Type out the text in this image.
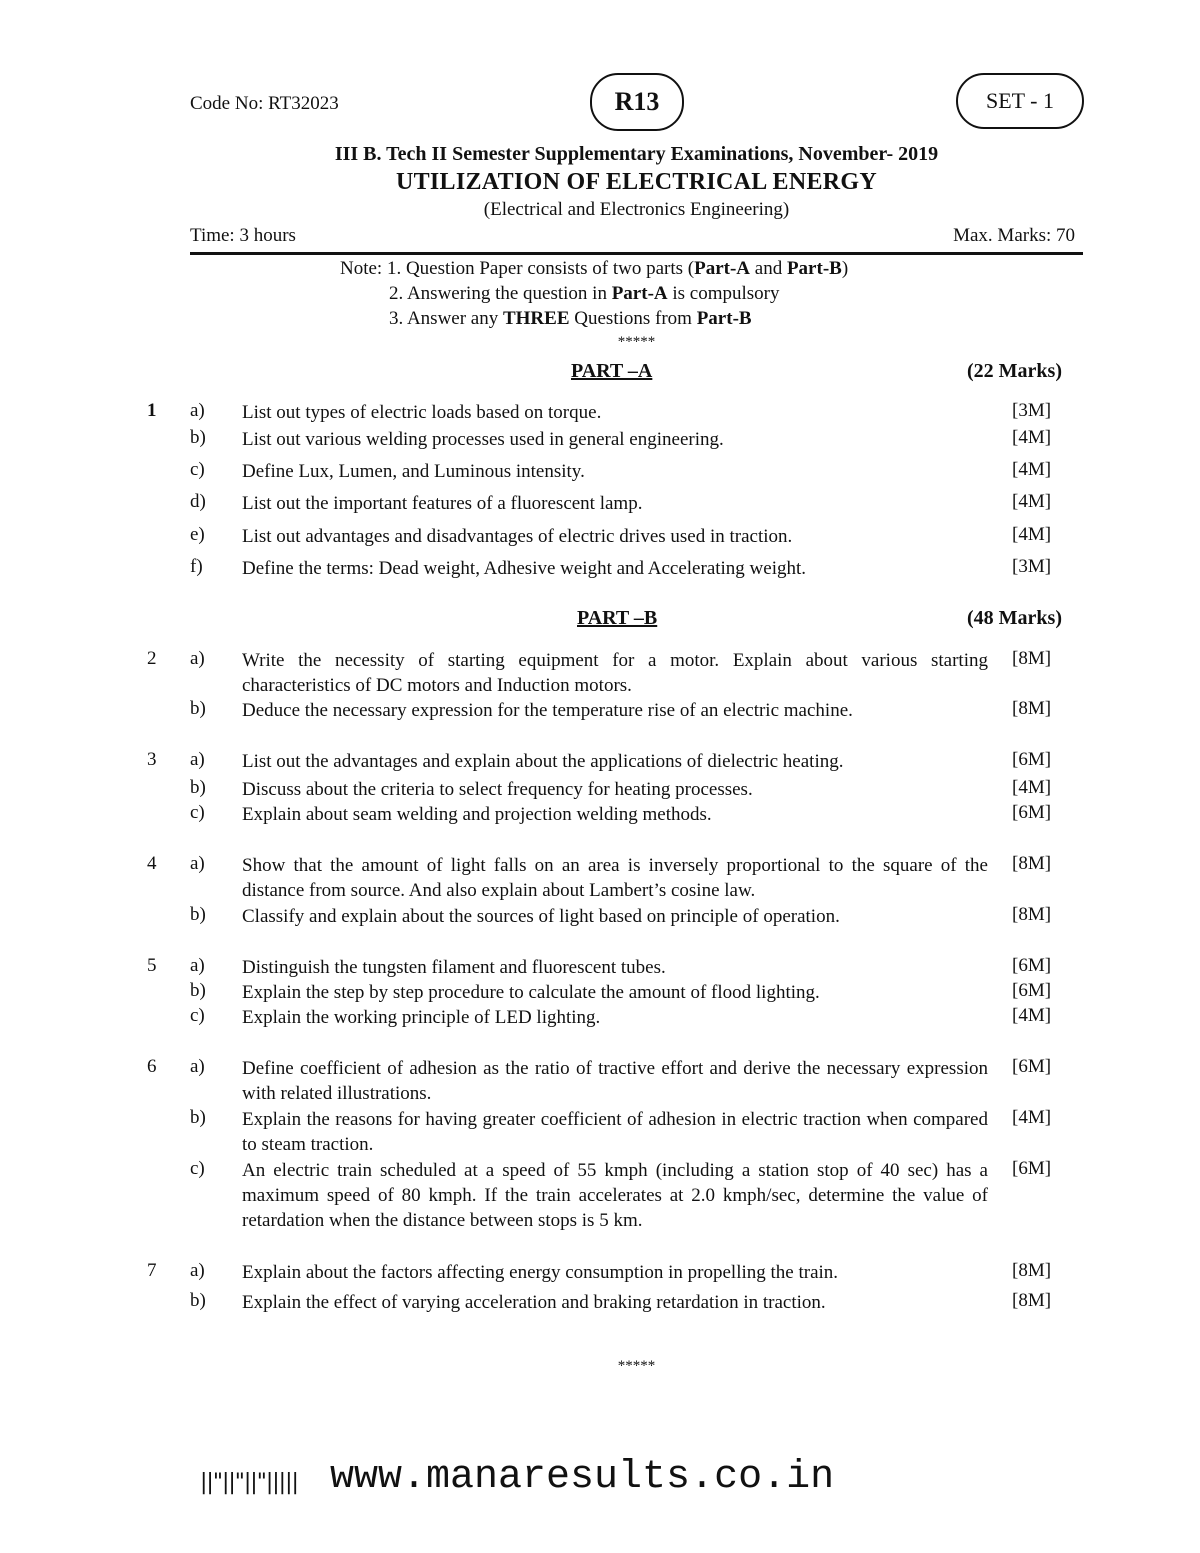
Code No: RT32023	R13	SET - 1
III B. Tech II Semester Supplementary Examinations, November- 2019
UTILIZATION OF ELECTRICAL ENERGY
(Electrical and Electronics Engineering)
Time: 3 hours	Max. Marks: 70
Note: 1. Question Paper consists of two parts (Part-A and Part-B)
2. Answering the question in Part-A is compulsory
3. Answer any THREE Questions from Part-B
*****
PART –A	(22 Marks)
1 a) List out types of electric loads based on torque.	[3M]
b) List out various welding processes used in general engineering.	[4M]
c) Define Lux, Lumen, and Luminous intensity.	[4M]
d) List out the important features of a fluorescent lamp.	[4M]
e) List out advantages and disadvantages of electric drives used in traction.	[4M]
f) Define the terms: Dead weight, Adhesive weight and Accelerating weight.	[3M]
PART –B	(48 Marks)
2 a) Write the necessity of starting equipment for a motor. Explain about various starting characteristics of DC motors and Induction motors.
[8M]
b) Deduce the necessary expression for the temperature rise of an electric machine.	[8M]
3 a) List out the advantages and explain about the applications of dielectric heating.	[6M]
b) Discuss about the criteria to select frequency for heating processes.	[4M]
c) Explain about seam welding and projection welding methods.	[6M]
4 a) Show that the amount of light falls on an area is inversely proportional to the square of the distance from source. And also explain about Lambert’s cosine law.
[8M]
b) Classify and explain about the sources of light based on principle of operation.	[8M]
5 a) Distinguish the tungsten filament and fluorescent tubes.	[6M]
b) Explain the step by step procedure to calculate the amount of flood lighting.	[6M]
c) Explain the working principle of LED lighting.	[4M]
6 a) Define coefficient of adhesion as the ratio of tractive effort and derive the necessary expression with related illustrations.
[6M]
b) Explain the reasons for having greater coefficient of adhesion in electric traction when compared to steam traction.
[4M]
c) An electric train scheduled at a speed of 55 kmph (including a station stop of 40 sec) has a maximum speed of 80 kmph. If the train accelerates at 2.0 kmph/sec, determine the value of retardation when the distance between stops is 5 km.
[6M]
7 a) Explain about the factors affecting energy consumption in propelling the train.	[8M]
b) Explain the effect of varying acceleration and braking retardation in traction.	[8M]
*****
||"||"||"||||| www.manaresults.co.in
